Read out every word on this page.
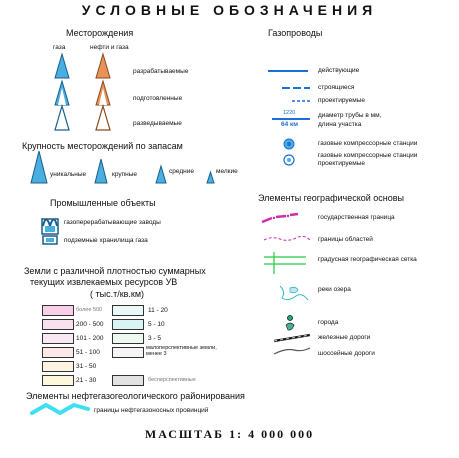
УСЛОВНЫЕ ОБОЗНАЧЕНИЯ
Месторождения
газа	нефти и газа
разрабатываемые
подготовленные
разведываемые
Крупность месторождений по запасам
уникальные	крупные	средние	мелкие
Промышленные объекты
газоперерабатывающие заводы
подземные хранилища газа
Земли с различной плотностью суммарных
текущих извлекаемых ресурсов УВ
( тыс.т/кв.км)
более 500
200 - 500
101 - 200
51 - 100
31 - 50
21 - 30
11 - 20
5 - 10
3 - 5
малоперспективные земли, менее 3
бесперспективные
Элементы нефтегазогеологического районирования
границы нефтегазоносных провинций
Газопроводы
действующие
строящиеся
проектируемые
1220
64 км
диаметр трубы в мм,
длина участка
газовые компрессорные станции
газовые компрессорные станции проектируемые
Элементы географической основы
государственная граница
границы областей
градусная географическая сетка
реки озера
города
железные дороги
шоссейные дороги
МАСШТАБ 1: 4 000 000
